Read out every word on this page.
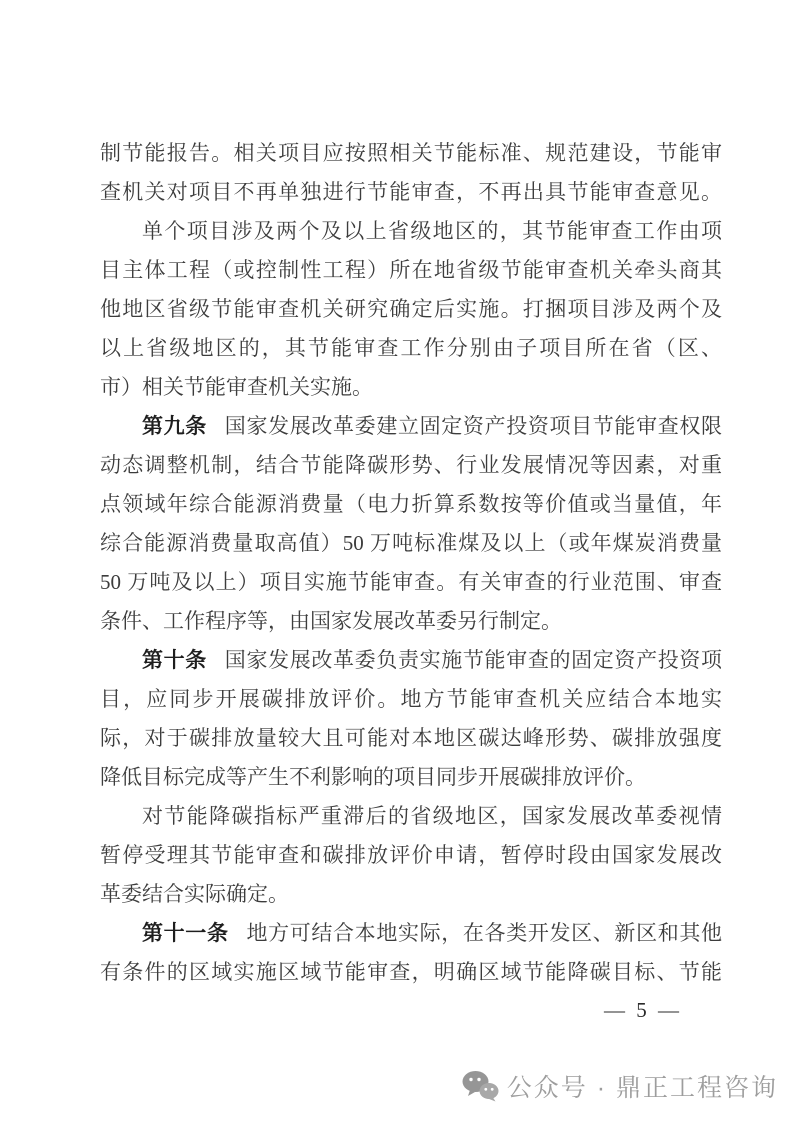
制节能报告。相关项目应按照相关节能标准、规范建设，节能审
查机关对项目不再单独进行节能审查，不再出具节能审查意见。
单个项目涉及两个及以上省级地区的，其节能审查工作由项
目主体工程（或控制性工程）所在地省级节能审查机关牵头商其
他地区省级节能审查机关研究确定后实施。打捆项目涉及两个及
以上省级地区的，其节能审查工作分别由子项目所在省（区、
市）相关节能审查机关实施。
第九条 国家发展改革委建立固定资产投资项目节能审查权限
动态调整机制，结合节能降碳形势、行业发展情况等因素，对重
点领域年综合能源消费量（电力折算系数按等价值或当量值，年
综合能源消费量取高值）50 万吨标准煤及以上（或年煤炭消费量
50 万吨及以上）项目实施节能审查。有关审查的行业范围、审查
条件、工作程序等，由国家发展改革委另行制定。
第十条 国家发展改革委负责实施节能审查的固定资产投资项
目，应同步开展碳排放评价。地方节能审查机关应结合本地实
际，对于碳排放量较大且可能对本地区碳达峰形势、碳排放强度
降低目标完成等产生不利影响的项目同步开展碳排放评价。
对节能降碳指标严重滞后的省级地区，国家发展改革委视情
暂停受理其节能审查和碳排放评价申请，暂停时段由国家发展改
革委结合实际确定。
第十一条 地方可结合本地实际，在各类开发区、新区和其他
有条件的区域实施区域节能审查，明确区域节能降碳目标、节能
— 5 —
公众号 · 鼎正工程咨询
